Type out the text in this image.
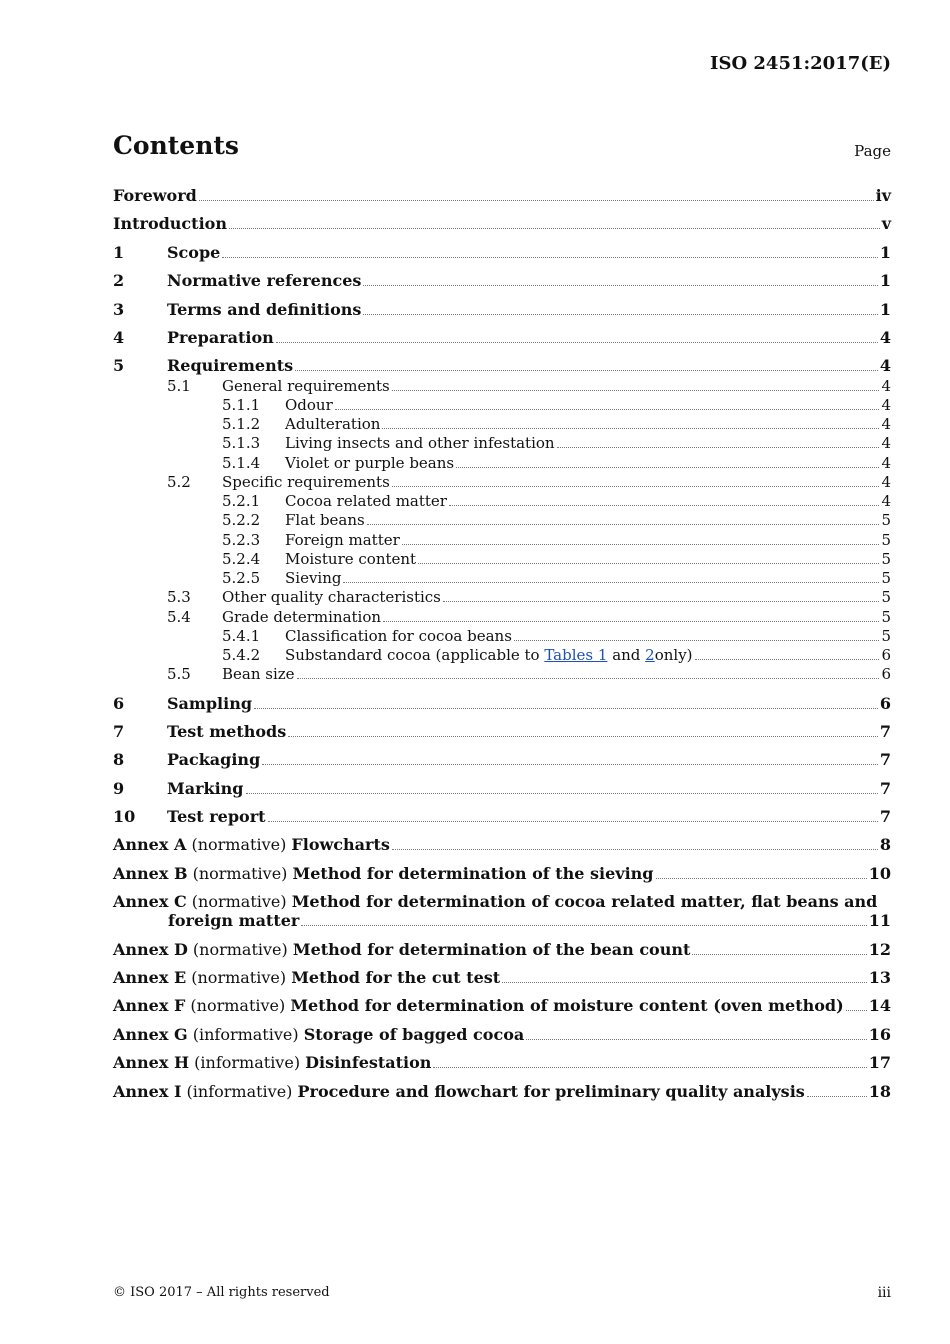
ISO 2451:2017(E)
Contents	Page
Foreword	iv
Introduction	v
1	Scope	1
2	Normative references	1
3	Terms and definitions	1
4	Preparation	4
5	Requirements	4
5.1	General requirements	4
5.1.1	Odour	4
5.1.2	Adulteration	4
5.1.3	Living insects and other infestation	4
5.1.4	Violet or purple beans	4
5.2	Specific requirements	4
5.2.1	Cocoa related matter	4
5.2.2	Flat beans	5
5.2.3	Foreign matter	5
5.2.4	Moisture content	5
5.2.5	Sieving	5
5.3	Other quality characteristics	5
5.4	Grade determination	5
5.4.1	Classification for cocoa beans	5
5.4.2	Substandard cocoa (applicable to Tables 1 and 2 only)	6
5.5	Bean size	6
6	Sampling	6
7	Test methods	7
8	Packaging	7
9	Marking	7
10	Test report	7
Annex A (normative) Flowcharts	8
Annex B (normative) Method for determination of the sieving	10
Annex C (normative) Method for determination of cocoa related matter, flat beans and
foreign matter	11
Annex D (normative) Method for determination of the bean count	12
Annex E (normative) Method for the cut test	13
Annex F (normative) Method for determination of moisture content (oven method) 14
Annex G (informative) Storage of bagged cocoa	16
Annex H (informative) Disinfestation	17
Annex I (informative) Procedure and flowchart for preliminary quality analysis	18
© ISO 2017 – All rights reserved	iii
